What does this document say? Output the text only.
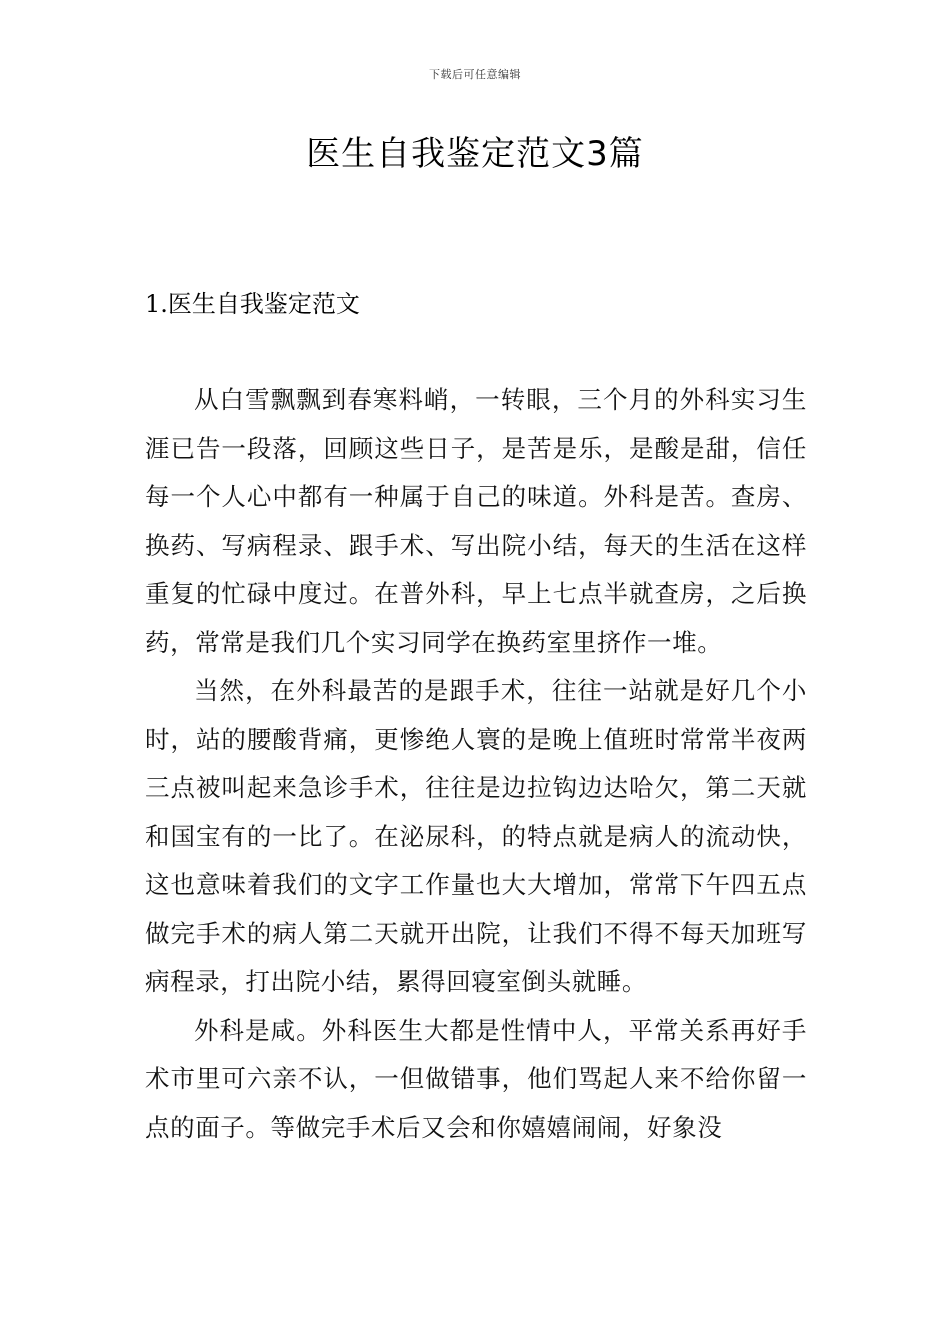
下载后可任意编辑
医生自我鉴定范文3篇
1.医生自我鉴定范文

从白雪飘飘到春寒料峭，一转眼，三个月的外科实习生涯已告一段落，回顾这些日子，是苦是乐，是酸是甜，信任每一个人心中都有一种属于自己的味道。外科是苦。查房、换药、写病程录、跟手术、写出院小结，每天的生活在这样重复的忙碌中度过。在普外科，早上七点半就查房，之后换药，常常是我们几个实习同学在换药室里挤作一堆。

当然，在外科最苦的是跟手术，往往一站就是好几个小时，站的腰酸背痛，更惨绝人寰的是晚上值班时常常半夜两三点被叫起来急诊手术，往往是边拉钩边达哈欠，第二天就和国宝有的一比了。在泌尿科，的特点就是病人的流动快，这也意味着我们的文字工作量也大大增加，常常下午四五点做完手术的病人第二天就开出院，让我们不得不每天加班写病程录，打出院小结，累得回寝室倒头就睡。

外科是咸。外科医生大都是性情中人，平常关系再好手术市里可六亲不认，一但做错事，他们骂起人来不给你留一点的面子。等做完手术后又会和你嬉嬉闹闹，好象没
